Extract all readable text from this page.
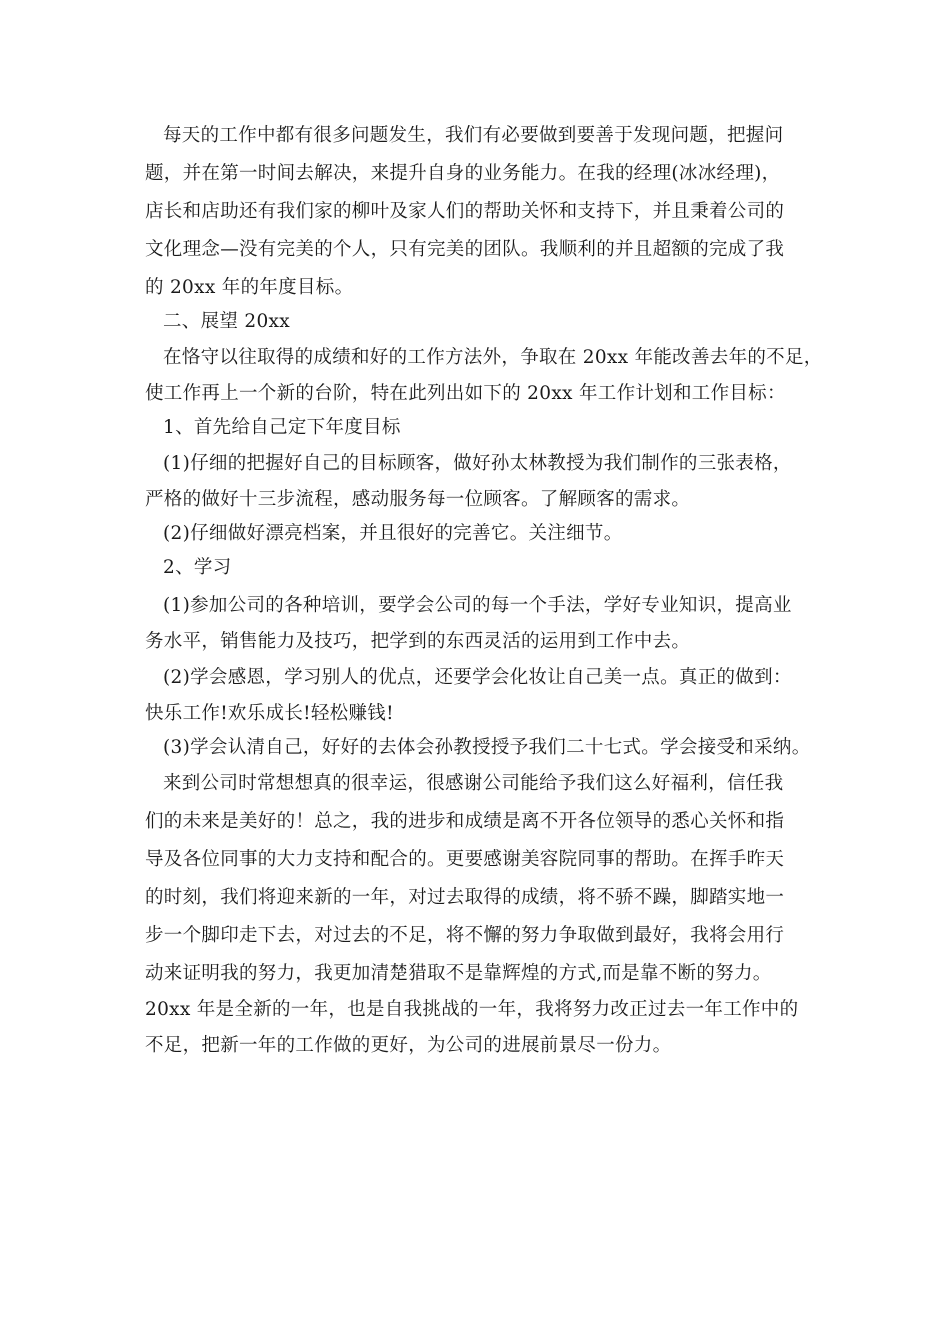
每天的工作中都有很多问题发生，我们有必要做到要善于发现问题，把握问
题，并在第一时间去解决，来提升自身的业务能力。在我的经理(冰冰经理)，
店长和店助还有我们家的柳叶及家人们的帮助关怀和支持下，并且秉着公司的
文化理念—没有完美的个人，只有完美的团队。我顺利的并且超额的完成了我
的 20xx 年的年度目标。
二、展望 20xx
在恪守以往取得的成绩和好的工作方法外，争取在 20xx 年能改善去年的不足，
使工作再上一个新的台阶，特在此列出如下的 20xx 年工作计划和工作目标：
1、首先给自己定下年度目标
(1)仔细的把握好自己的目标顾客，做好孙太林教授为我们制作的三张表格，
严格的做好十三步流程，感动服务每一位顾客。了解顾客的需求。
(2)仔细做好漂亮档案，并且很好的完善它。关注细节。
2、学习
(1)参加公司的各种培训，要学会公司的每一个手法，学好专业知识，提高业
务水平，销售能力及技巧，把学到的东西灵活的运用到工作中去。
(2)学会感恩，学习别人的优点，还要学会化妆让自己美一点。真正的做到：
快乐工作!欢乐成长!轻松赚钱!
(3)学会认清自己，好好的去体会孙教授授予我们二十七式。学会接受和采纳。
来到公司时常想想真的很幸运，很感谢公司能给予我们这么好福利，信任我
们的未来是美好的！总之，我的进步和成绩是离不开各位领导的悉心关怀和指
导及各位同事的大力支持和配合的。更要感谢美容院同事的帮助。在挥手昨天
的时刻，我们将迎来新的一年，对过去取得的成绩，将不骄不躁，脚踏实地一
步一个脚印走下去，对过去的不足，将不懈的努力争取做到最好，我将会用行
动来证明我的努力，我更加清楚猎取不是靠辉煌的方式,而是靠不断的努力。
20xx 年是全新的一年，也是自我挑战的一年，我将努力改正过去一年工作中的
不足，把新一年的工作做的更好，为公司的进展前景尽一份力。
